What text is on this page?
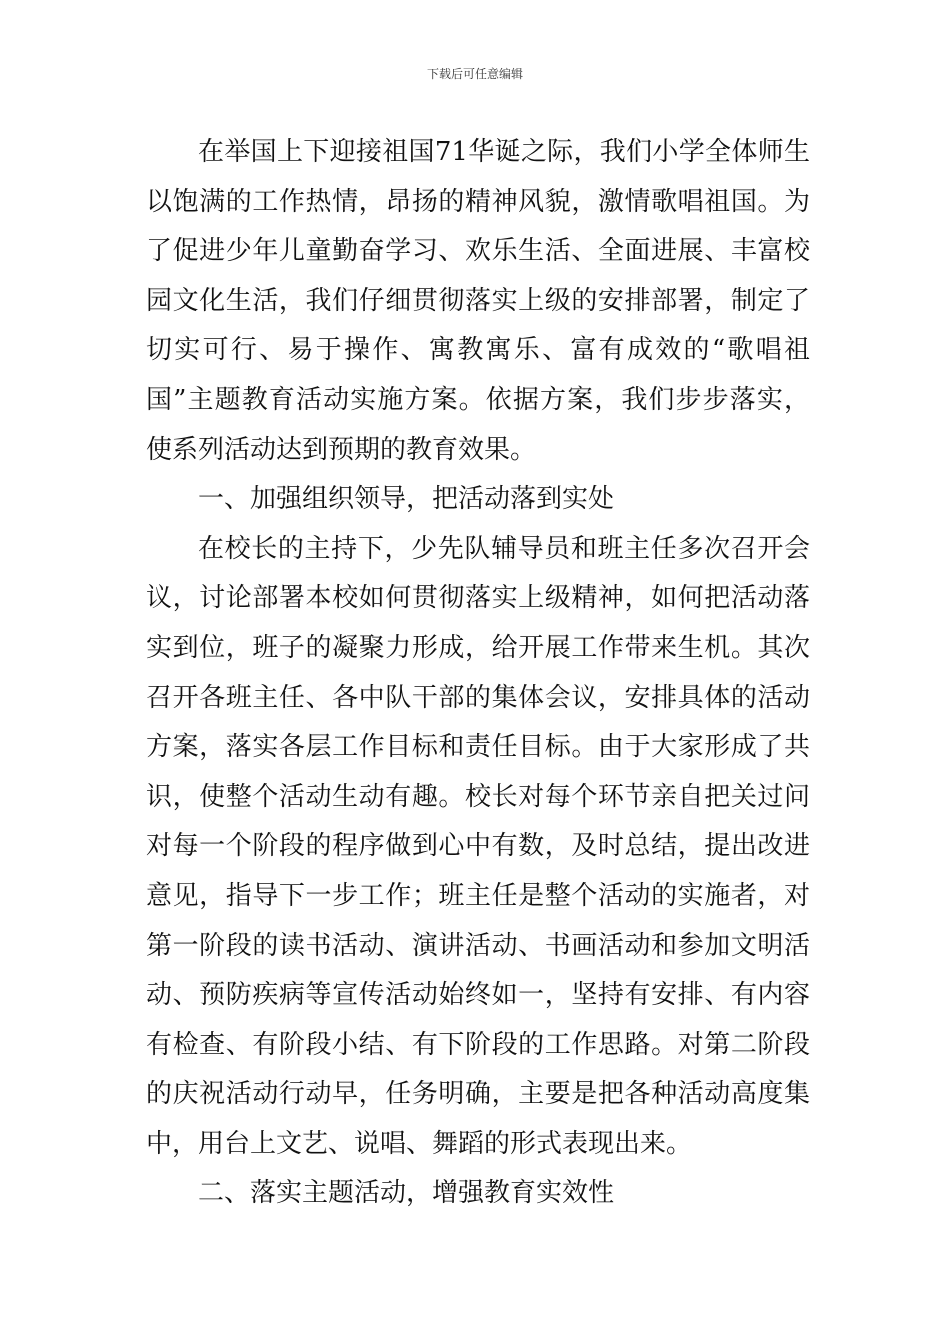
下载后可任意编辑
在举国上下迎接祖国71华诞之际，我们小学全体师生
以饱满的工作热情，昂扬的精神风貌，激情歌唱祖国。为
了促进少年儿童勤奋学习、欢乐生活、全面进展、丰富校
园文化生活，我们仔细贯彻落实上级的安排部署，制定了
切实可行、易于操作、寓教寓乐、富有成效的“歌唱祖
国”主题教育活动实施方案。依据方案，我们步步落实，
使系列活动达到预期的教育效果。
一、加强组织领导，把活动落到实处
在校长的主持下，少先队辅导员和班主任多次召开会
议，讨论部署本校如何贯彻落实上级精神，如何把活动落
实到位，班子的凝聚力形成，给开展工作带来生机。其次
召开各班主任、各中队干部的集体会议，安排具体的活动
方案，落实各层工作目标和责任目标。由于大家形成了共
识，使整个活动生动有趣。校长对每个环节亲自把关过问
对每一个阶段的程序做到心中有数，及时总结，提出改进
意见，指导下一步工作；班主任是整个活动的实施者，对
第一阶段的读书活动、演讲活动、书画活动和参加文明活
动、预防疾病等宣传活动始终如一，坚持有安排、有内容
有检查、有阶段小结、有下阶段的工作思路。对第二阶段
的庆祝活动行动早，任务明确，主要是把各种活动高度集
中，用台上文艺、说唱、舞蹈的形式表现出来。
二、落实主题活动，增强教育实效性
